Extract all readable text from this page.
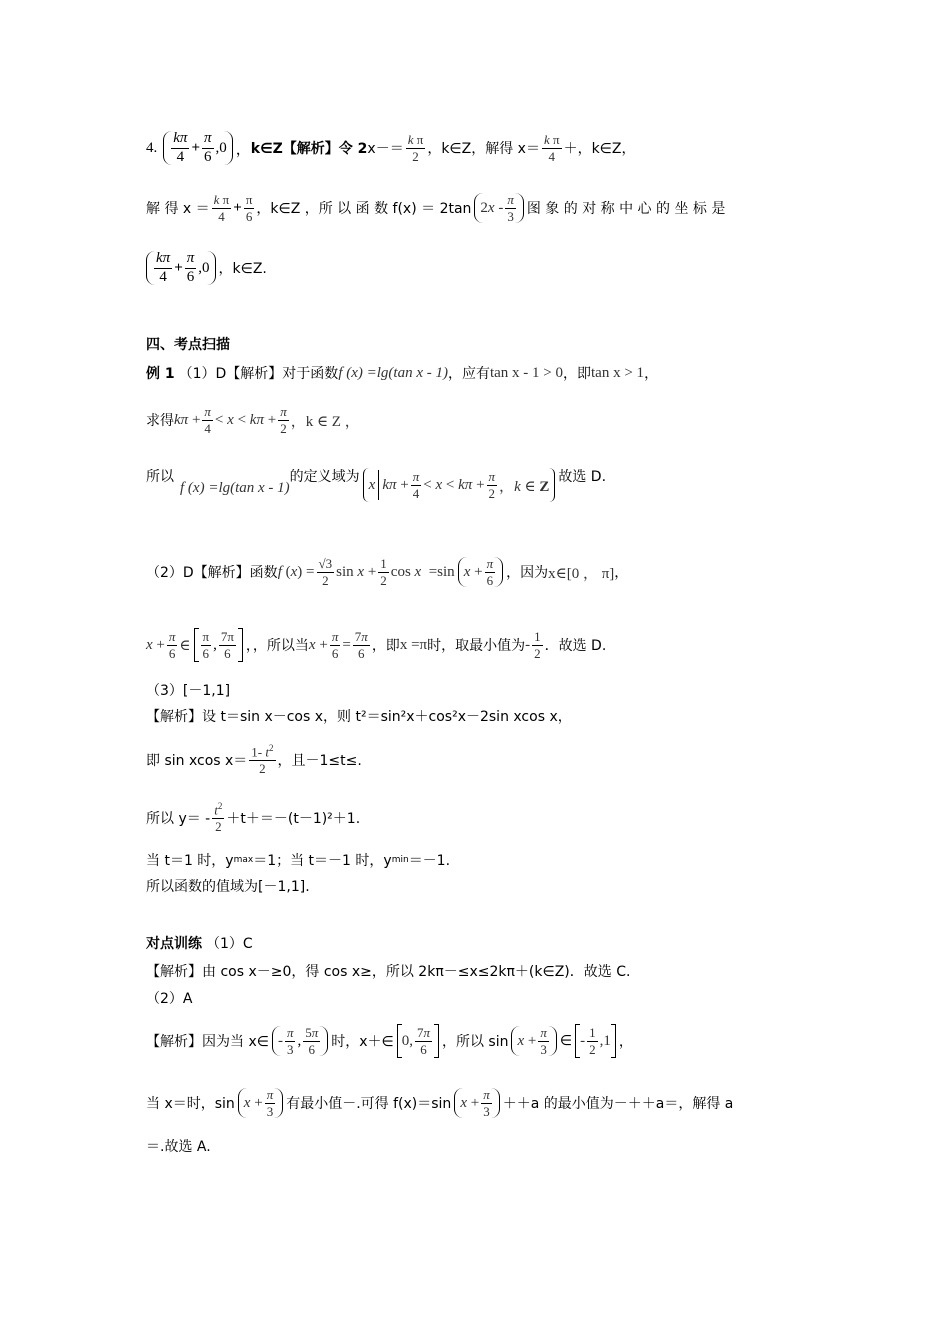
4. $\frac{k\pi}{4} + \frac{\pi}{6} ,0$ ， k∈Z【解析】令 2 $x-= \frac{\text{k π}}{2}$ ，k∈Z，解得 $x= \frac{\text{k π}}{4}$ ＋，k∈Z，
解 得 $x = \frac{\text{k π}}{4} + \frac{\pi}{6}$ ，k∈Z ，所 以 函 数 f(x) ＝ 2tan $2x - \frac{\pi}{3}$ 图 象 的 对 称 中 心 的 坐 标 是
$\frac{k\pi}{4} + \frac{\pi}{6} ,0$ ，k∈Z.
四、考点扫描
例 1 （1）D【解析】对于函数 f (x) =lg(tan x - 1) ，应有 tan x - 1 > 0 ，即 tan x > 1 ，
求得 $k\pi + \frac{\pi}{4} < x < k\pi + \frac{\pi}{2}$ ，k ∈ Z ，
所以
f (x) =lg(tan x - 1)
的定义域为 x $k\pi + \frac{\pi}{4} < x < k\pi + \frac{\pi}{2}$ ，k ∈ Z
故选 D.
（2）D【解析】函数 f $(x) = \frac{√3}{2}$ $\sin x + \frac{1}{2}$ cos x  =sin $x + \frac{\pi}{6}$ ，因为 x∈[0 ， π] ，
$x + \frac{\pi}{6}$ ∈ $\frac{\pi}{6}$ , $\frac{7\pi}{6}$ ，，所以当 $x + \frac{\pi}{6} = \frac{7\pi}{6}$ ，即 x =π 时，取最小值为 - $\frac{1}{2}$ ．故选 D.
（3）[－1,1]
【解析】设 t＝sin x－cos x，则 t²＝sin²x＋cos²x－2sin xcos x，
即 sin xcos $x= \frac{1- t^2}{2}$ ，且－1≤t≤.
所以 $y= - \frac{t^2}{2} +t+=-(t-1)^2+1$.
当 t＝1 时，y max ＝1；当 t＝－1 时，y min ＝－1.
所以函数的值域为[－1,1].
对点训练 （1）C
【解析】由 cos x－≥0，得 cos x≥，所以 2kπ－≤x≤2kπ＋(k∈Z)．故选 C.
（2）A
【解析】因为当 x∈ - $\frac{\pi}{3}$ , $\frac{5\pi}{6}$ 时，x＋∈ 0, $\frac{7\pi}{6}$ ，所以 $\sin x + \frac{\pi}{3}$ ∈ - $\frac{1}{2} ,1$ ，
当 x＝时，$\sin x + \frac{\pi}{3}$ 有最小值－.可得 f(x)＝sin $x + \frac{\pi}{3} ++a$ 的最小值为－＋＋a＝，解得 a
＝.故选 A.
